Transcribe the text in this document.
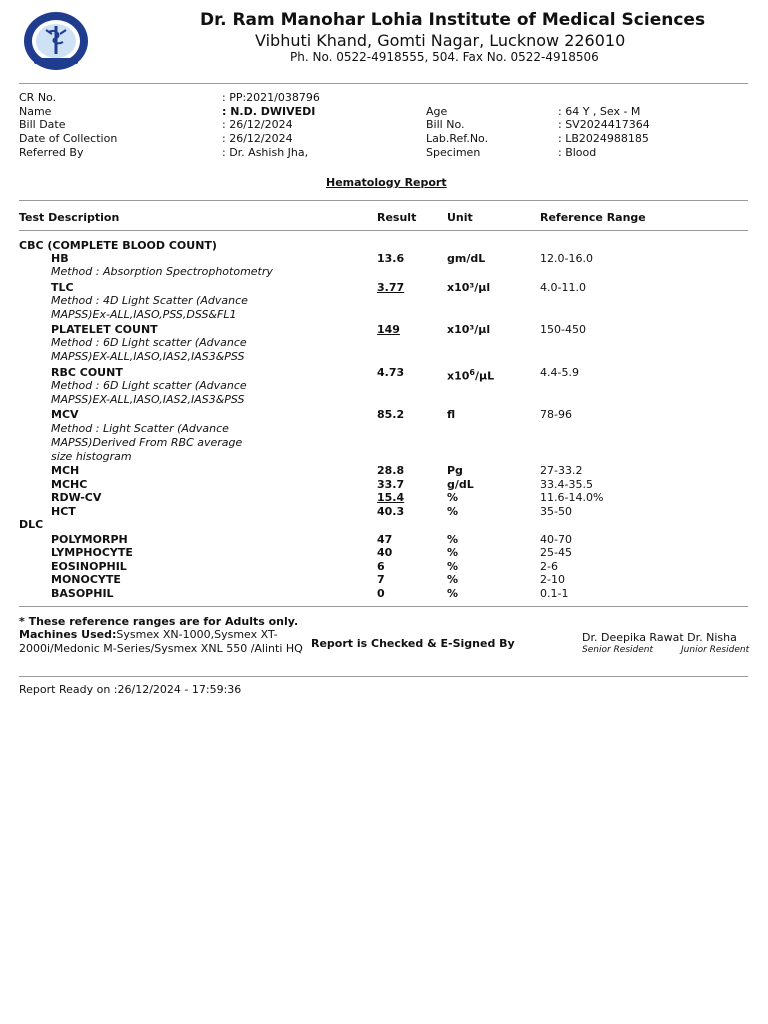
Dr. Ram Manohar Lohia Institute of Medical Sciences
Vibhuti Khand, Gomti Nagar, Lucknow 226010
Ph. No. 0522-4918555, 504. Fax No. 0522-4918506
CR No.	: PP:2021/038796
Name	: N.D. DWIVEDI	Age	: 64 Y , Sex - M
Bill Date	: 26/12/2024	Bill No.	: SV2024417364
Date of Collection	: 26/12/2024	Lab.Ref.No.	: LB2024988185
Referred By	: Dr. Ashish Jha,	Specimen	: Blood
Hematology Report
Test Description	Result	Unit	Reference Range
CBC (COMPLETE BLOOD COUNT)
HB	13.6	gm/dL	12.0-16.0
Method : Absorption Spectrophotometry
TLC	3.77	x10³/µl	4.0-11.0
Method : 4D Light Scatter (Advance
MAPSS)Ex-ALL,IASO,PSS,DSS&FL1
PLATELET COUNT	149	x10³/µl	150-450
Method : 6D Light scatter (Advance
MAPSS)EX-ALL,IASO,IAS2,IAS3&PSS
RBC COUNT	4.73	$x10^6/\mu L$	4.4-5.9
Method : 6D Light scatter (Advance
MAPSS)EX-ALL,IASO,IAS2,IAS3&PSS
MCV	85.2	fl	78-96
Method : Light Scatter (Advance
MAPSS)Derived From RBC average
size histogram
MCH	28.8	Pg	27-33.2
MCHC	33.7	g/dL	33.4-35.5
RDW-CV	15.4	%	11.6-14.0%
HCT	40.3	%	35-50
DLC
POLYMORPH	47	%	40-70
LYMPHOCYTE	40	%	25-45
EOSINOPHIL	6	%	2-6
MONOCYTE	7	%	2-10
BASOPHIL	0	%	0.1-1
* These reference ranges are for Adults only.
Machines Used:Sysmex XN-1000,Sysmex XT-
2000i/Medonic M-Series/Sysmex XNL 550 /Alinti HQ Report is Checked & E-Signed By	Dr. Deepika Rawat Dr. Nisha
Senior Resident	Junior Resident
Report Ready on :26/12/2024 - 17:59:36
